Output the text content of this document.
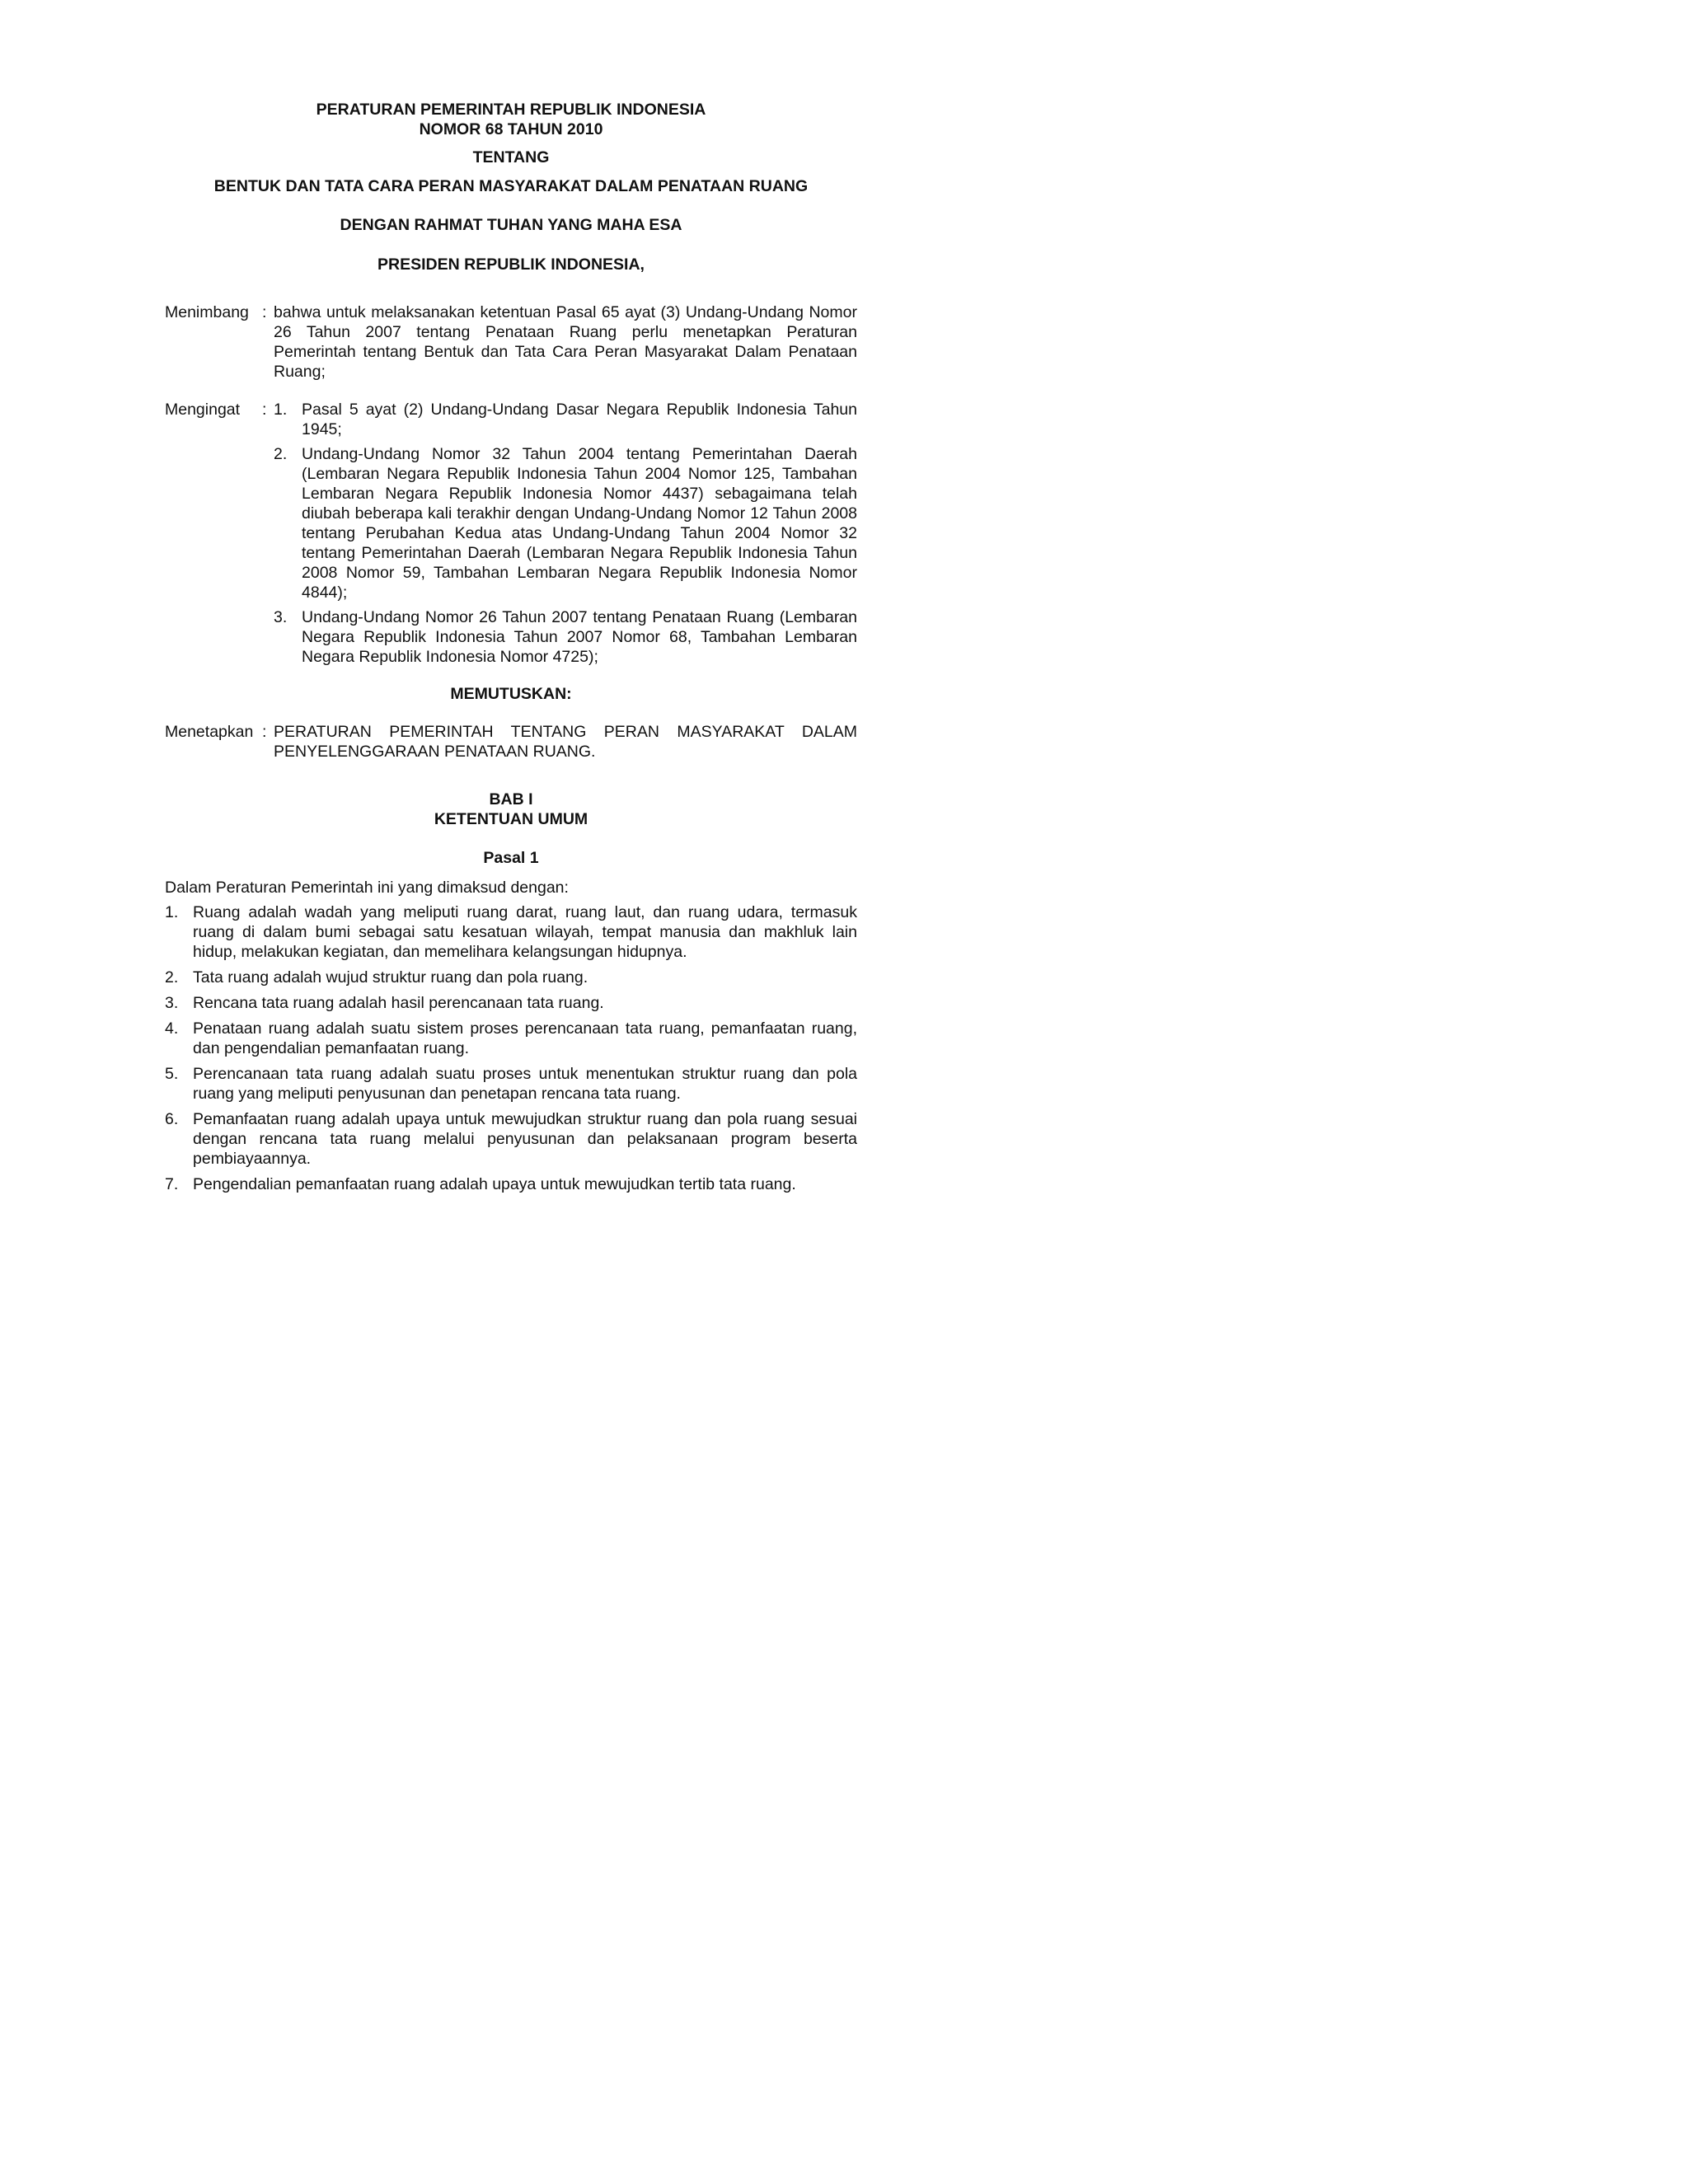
PERATURAN PEMERINTAH REPUBLIK INDONESIA
NOMOR 68 TAHUN 2010
TENTANG
BENTUK DAN TATA CARA PERAN MASYARAKAT DALAM PENATAAN RUANG
DENGAN RAHMAT TUHAN YANG MAHA ESA
PRESIDEN REPUBLIK INDONESIA,
Menimbang : bahwa untuk melaksanakan ketentuan Pasal 65 ayat (3) Undang-Undang Nomor 26 Tahun 2007 tentang Penataan Ruang perlu menetapkan Peraturan Pemerintah tentang Bentuk dan Tata Cara Peran Masyarakat Dalam Penataan Ruang;
Mengingat	: 1. Pasal 5 ayat (2) Undang-Undang Dasar Negara Republik Indonesia Tahun 1945;
2. Undang-Undang Nomor 32 Tahun 2004 tentang Pemerintahan Daerah (Lembaran Negara Republik Indonesia Tahun 2004 Nomor 125, Tambahan Lembaran Negara Republik Indonesia Nomor 4437) sebagaimana telah diubah beberapa kali terakhir dengan Undang-Undang Nomor 12 Tahun 2008 tentang Perubahan Kedua atas Undang-Undang Tahun 2004 Nomor 32 tentang Pemerintahan Daerah (Lembaran Negara Republik Indonesia Tahun 2008 Nomor 59, Tambahan Lembaran Negara Republik Indonesia Nomor 4844);
3. Undang-Undang Nomor 26 Tahun 2007 tentang Penataan Ruang (Lembaran Negara Republik Indonesia Tahun 2007 Nomor 68, Tambahan Lembaran Negara Republik Indonesia Nomor 4725);
MEMUTUSKAN:
Menetapkan : PERATURAN PEMERINTAH TENTANG PERAN MASYARAKAT DALAM PENYELENGGARAAN PENATAAN RUANG.
BAB I
KETENTUAN UMUM
Pasal 1
Dalam Peraturan Pemerintah ini yang dimaksud dengan:
1. Ruang adalah wadah yang meliputi ruang darat, ruang laut, dan ruang udara, termasuk ruang di dalam bumi sebagai satu kesatuan wilayah, tempat manusia dan makhluk lain hidup, melakukan kegiatan, dan memelihara kelangsungan hidupnya.
2. Tata ruang adalah wujud struktur ruang dan pola ruang.
3. Rencana tata ruang adalah hasil perencanaan tata ruang.
4. Penataan ruang adalah suatu sistem proses perencanaan tata ruang, pemanfaatan ruang, dan pengendalian pemanfaatan ruang.
5. Perencanaan tata ruang adalah suatu proses untuk menentukan struktur ruang dan pola ruang yang meliputi penyusunan dan penetapan rencana tata ruang.
6. Pemanfaatan ruang adalah upaya untuk mewujudkan struktur ruang dan pola ruang sesuai dengan rencana tata ruang melalui penyusunan dan pelaksanaan program beserta pembiayaannya.
7. Pengendalian pemanfaatan ruang adalah upaya untuk mewujudkan tertib tata ruang.
